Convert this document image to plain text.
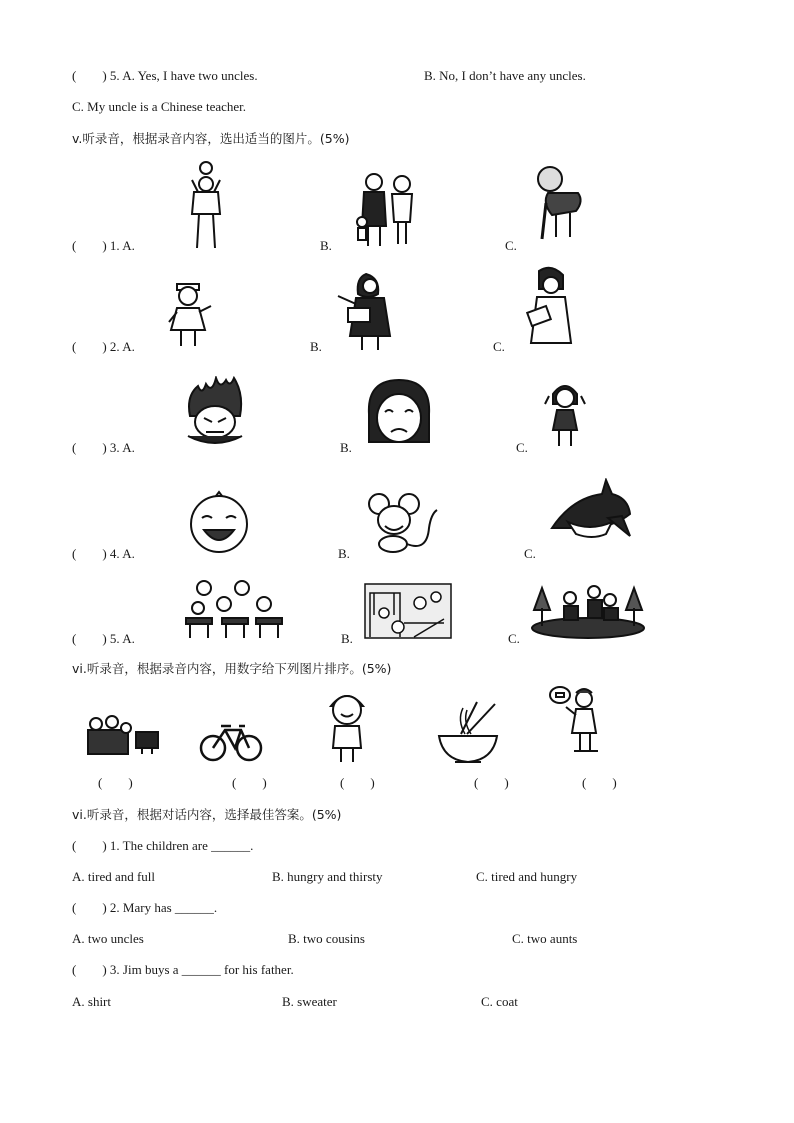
(　　) 5. A. Yes, I have two uncles.	B. No, I don’t have any uncles.
C. My uncle is a Chinese teacher.
v.听录音，根据录音内容，选出适当的图片。(5%)
(　　) 1. A.	B.	C.
(　　) 2. A.	B.	C.
(　　) 3. A.	B.	C.
(　　) 4. A.	B.	C.
(　　) 5. A.	B.	C.
vi.听录音，根据录音内容，用数字给下列图片排序。(5%)
(　　)	(　　)	(　　)	(　　)	(　　)
vi.听录音，根据对话内容，选择最佳答案。(5%)
(　　) 1. The children are ______.
A. tired and full	B. hungry and thirsty	C. tired and hungry
(　　) 2. Mary has ______.
A. two uncles	B. two cousins	C. two aunts
(　　) 3. Jim buys a ______ for his father.
A. shirt	B. sweater	C. coat
